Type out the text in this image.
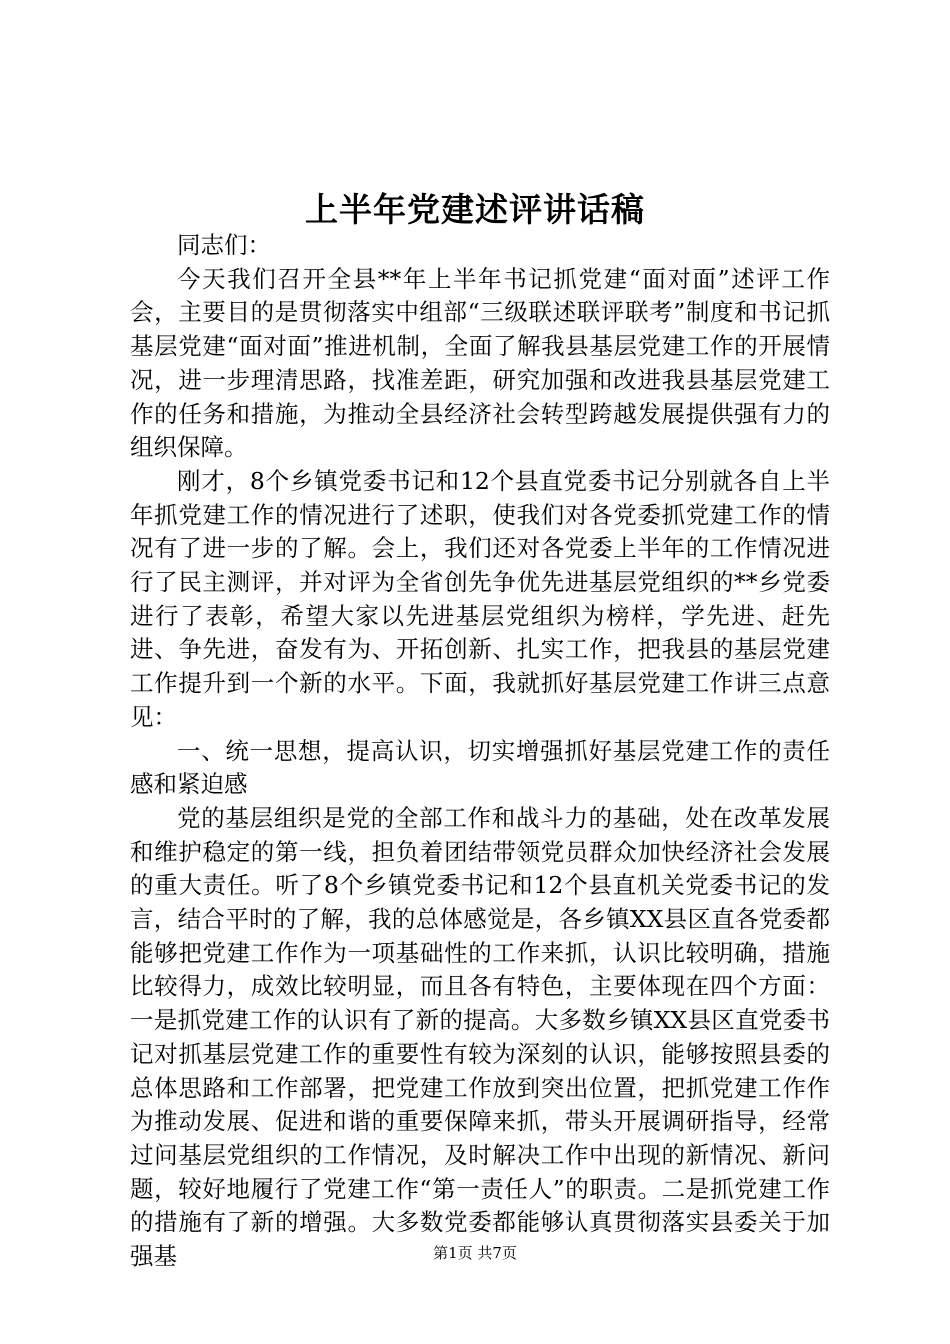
上半年党建述评讲话稿

同志们：

今天我们召开全县**年上半年书记抓党建“面对面”述评工作会，主要目的是贯彻落实中组部“三级联述联评联考”制度和书记抓基层党建“面对面”推进机制，全面了解我县基层党建工作的开展情况，进一步理清思路，找准差距，研究加强和改进我县基层党建工作的任务和措施，为推动全县经济社会转型跨越发展提供强有力的组织保障。

刚才，8个乡镇党委书记和12个县直党委书记分别就各自上半年抓党建工作的情况进行了述职，使我们对各党委抓党建工作的情况有了进一步的了解。会上，我们还对各党委上半年的工作情况进行了民主测评，并对评为全省创先争优先进基层党组织的**乡党委进行了表彰，希望大家以先进基层党组织为榜样，学先进、赶先进、争先进，奋发有为、开拓创新、扎实工作，把我县的基层党建工作提升到一个新的水平。下面，我就抓好基层党建工作讲三点意见：

一、统一思想，提高认识，切实增强抓好基层党建工作的责任感和紧迫感

党的基层组织是党的全部工作和战斗力的基础，处在改革发展和维护稳定的第一线，担负着团结带领党员群众加快经济社会发展的重大责任。听了8个乡镇党委书记和12个县直机关党委书记的发言，结合平时的了解，我的总体感觉是，各乡镇XX县区直各党委都能够把党建工作作为一项基础性的工作来抓，认识比较明确，措施比较得力，成效比较明显，而且各有特色，主要体现在四个方面：一是抓党建工作的认识有了新的提高。大多数乡镇XX县区直党委书记对抓基层党建工作的重要性有较为深刻的认识，能够按照县委的总体思路和工作部署，把党建工作放到突出位置，把抓党建工作作为推动发展、促进和谐的重要保障来抓，带头开展调研指导，经常过问基层党组织的工作情况，及时解决工作中出现的新情况、新问题，较好地履行了党建工作“第一责任人”的职责。二是抓党建工作的措施有了新的增强。大多数党委都能够认真贯彻落实县委关于加强基	第1页 共7页
